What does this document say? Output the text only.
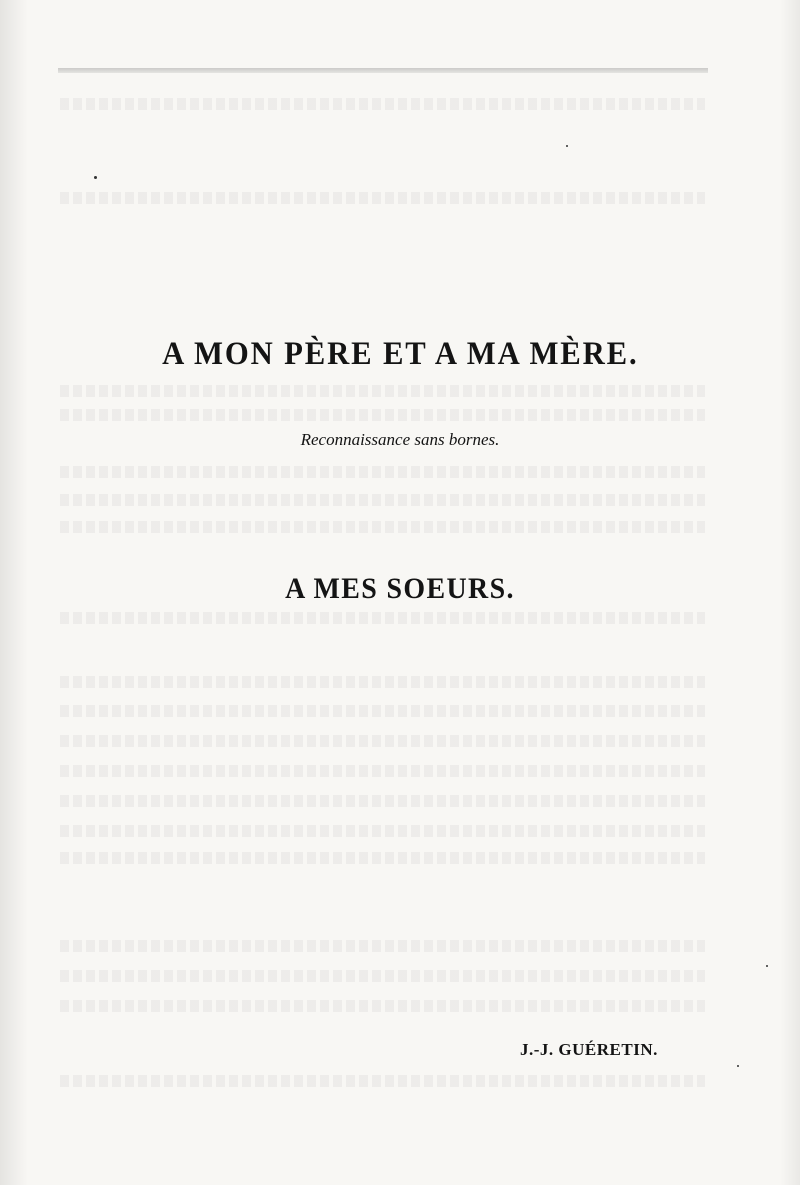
A MON PÈRE ET A MA MÈRE.
Reconnaissance sans bornes.
A MES SOEURS.
J.-J. GUÉRETIN.
